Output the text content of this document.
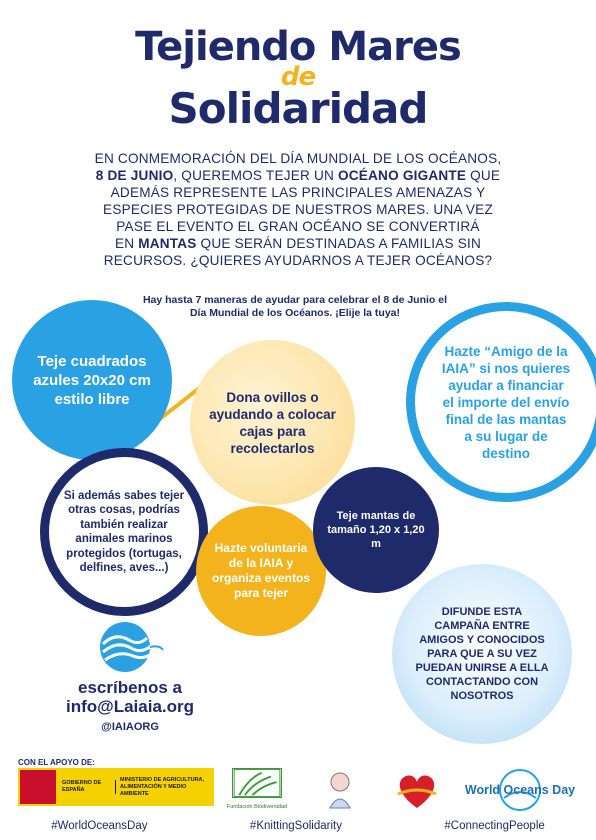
Tejiendo Mares
de
Solidaridad
EN CONMEMORACIÓN DEL DÍA MUNDIAL DE LOS OCÉANOS,
8 DE JUNIO, QUEREMOS TEJER UN OCÉANO GIGANTE QUE
ADEMÁS REPRESENTE LAS PRINCIPALES AMENAZAS Y
ESPECIES PROTEGIDAS DE NUESTROS MARES. UNA VEZ
PASE EL EVENTO EL GRAN OCÉANO SE CONVERTIRÁ
EN MANTAS QUE SERÁN DESTINADAS A FAMILIAS SIN
RECURSOS. ¿QUIERES AYUDARNOS A TEJER OCÉANOS?
Hay hasta 7 maneras de ayudar para celebrar el 8 de Junio el Día Mundial de los Océanos. ¡Elije la tuya!
Teje cuadrados azules 20x20 cm estilo libre	Dona ovillos o ayudando a colocar cajas para recolectarlos
Hazte “Amigo de la IAIA” si nos quieres ayudar a financiar el importe del envío final de las mantas a su lugar de destino
Si además sabes tejer otras cosas, podrías también realizar animales marinos protegidos (tortugas, delfines, aves...)
Hazte voluntaria de la IAIA y organiza eventos para tejer
Teje mantas de tamaño 1,20 x 1,20 m
DIFUNDE ESTA CAMPAÑA ENTRE AMIGOS Y CONOCIDOS PARA QUE A SU VEZ PUEDAN UNIRSE A ELLA CONTACTANDO CON NOSOTROS
escríbenos a
info@Laiaia.org
@IAIAORG
CON EL APOYO DE:
GOBIERNO DE ESPAÑA
MINISTERIO DE AGRICULTURA, ALIMENTACIÓN Y MEDIO AMBIENTE
Fundación Biodiversidad
World Oceans Day
#WorldOceansDay	#KnittingSolidarity	#ConnectingPeople
